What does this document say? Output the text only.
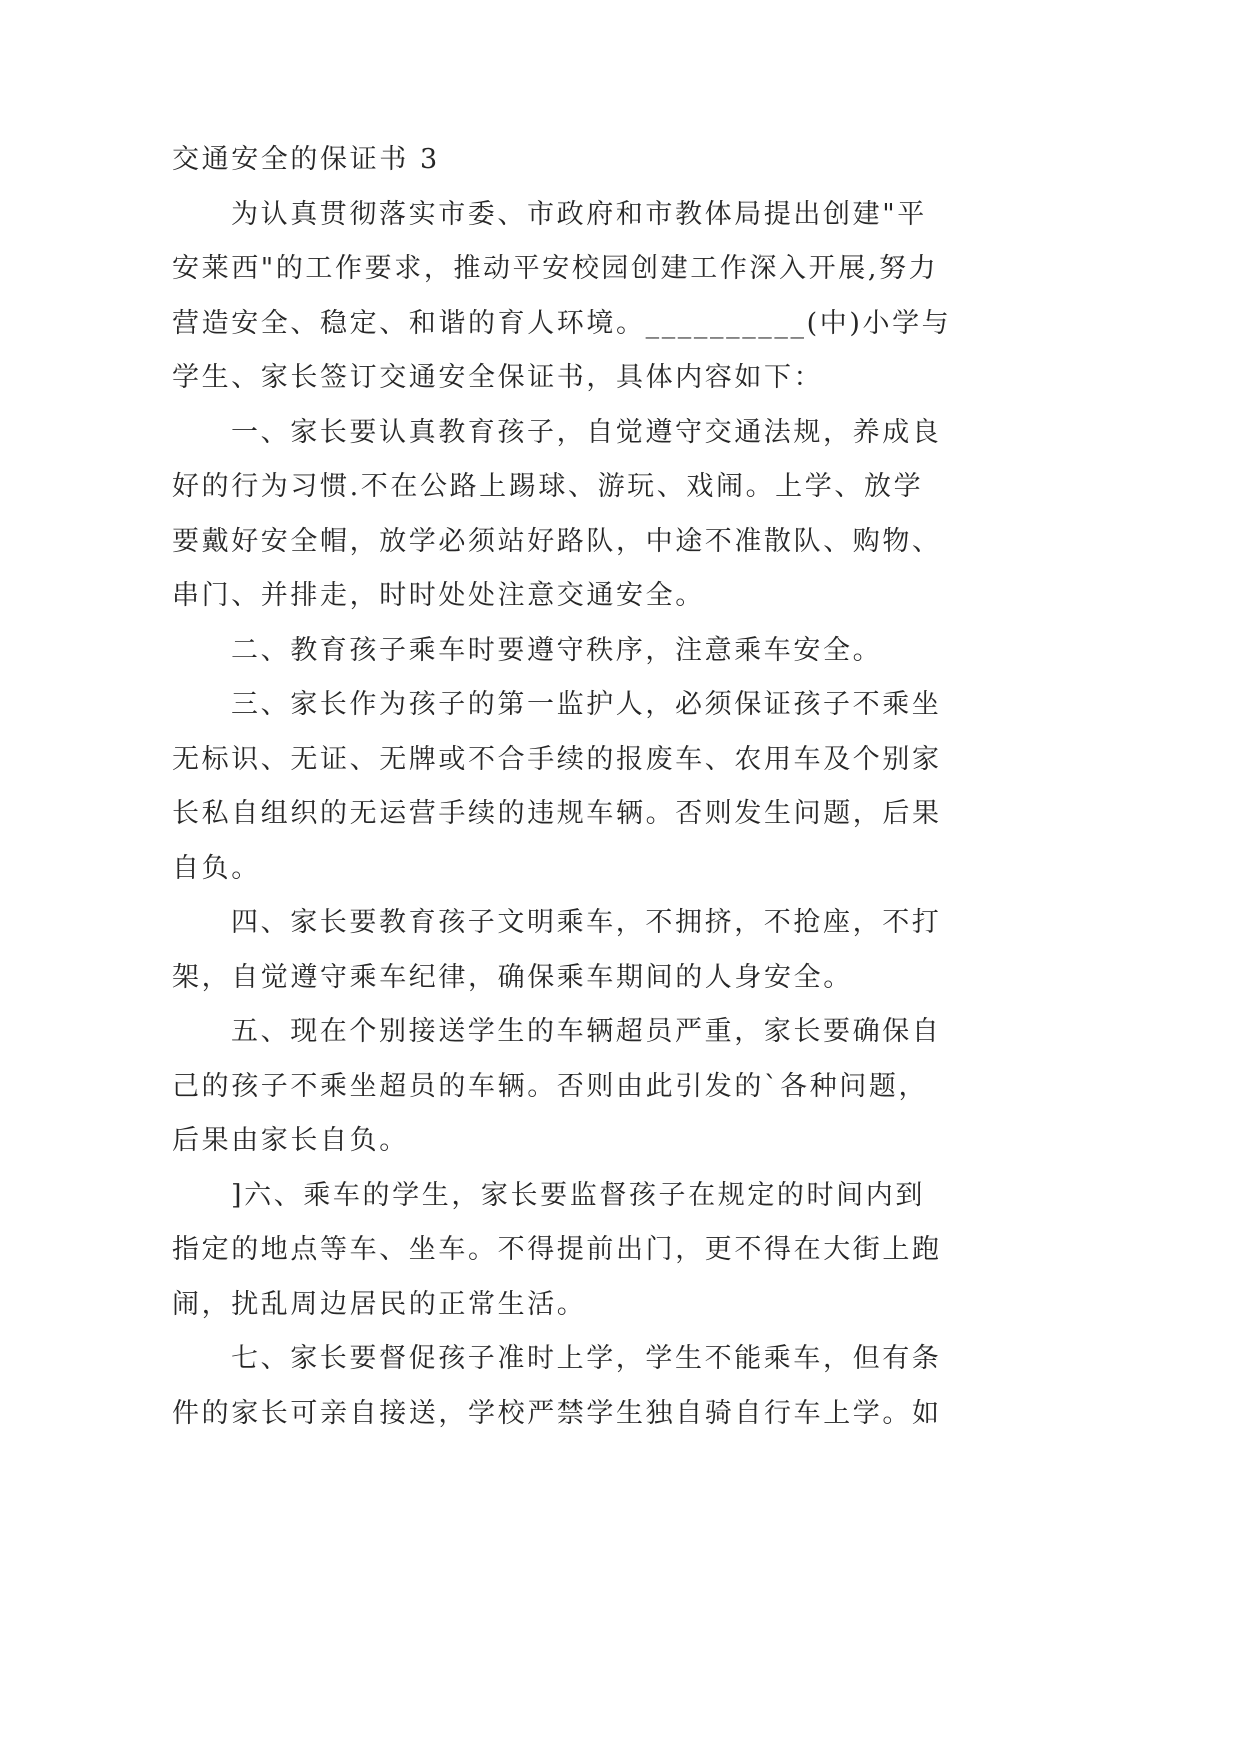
交通安全的保证书 3
为认真贯彻落实市委、市政府和市教体局提出创建"平
安莱西"的工作要求，推动平安校园创建工作深入开展,努力
营造安全、稳定、和谐的育人环境。__________(中)小学与
学生、家长签订交通安全保证书，具体内容如下：
一、家长要认真教育孩子，自觉遵守交通法规，养成良
好的行为习惯.不在公路上踢球、游玩、戏闹。上学、放学
要戴好安全帽，放学必须站好路队，中途不准散队、购物、
串门、并排走，时时处处注意交通安全。
二、教育孩子乘车时要遵守秩序，注意乘车安全。
三、家长作为孩子的第一监护人，必须保证孩子不乘坐
无标识、无证、无牌或不合手续的报废车、农用车及个别家
长私自组织的无运营手续的违规车辆。否则发生问题，后果
自负。
四、家长要教育孩子文明乘车，不拥挤，不抢座，不打
架，自觉遵守乘车纪律，确保乘车期间的人身安全。
五、现在个别接送学生的车辆超员严重，家长要确保自
己的孩子不乘坐超员的车辆。否则由此引发的`各种问题，
后果由家长自负。
]六、乘车的学生，家长要监督孩子在规定的时间内到
指定的地点等车、坐车。不得提前出门，更不得在大街上跑
闹，扰乱周边居民的正常生活。
七、家长要督促孩子准时上学，学生不能乘车，但有条
件的家长可亲自接送，学校严禁学生独自骑自行车上学。如
